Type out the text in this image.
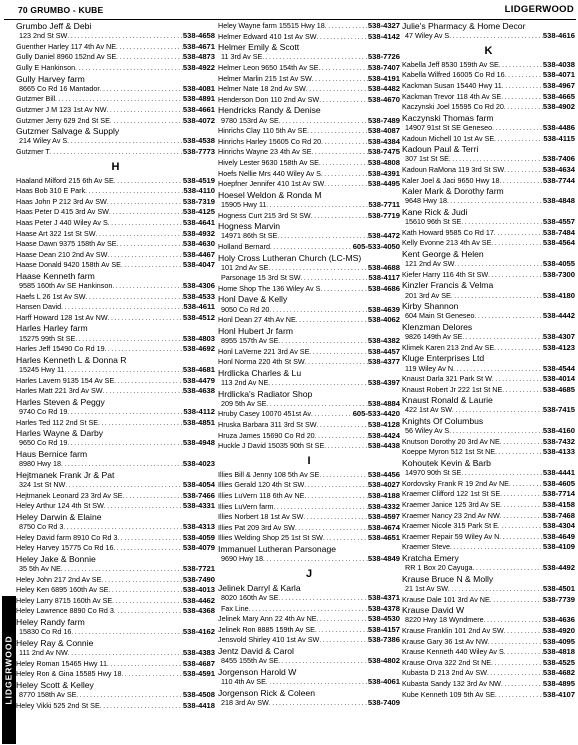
70 GRUMBO - KUBE	LIDGERWOOD
Grumbo Jeff & Debi
123 2nd St SW . . .	538-4658
Guenther Harley 117 4th Av NE . . .	538-4671
Gully Daniel 8960 152nd Av SE . . .	538-4873
Gully E Hankinson . . .	538-4922
Gully Harvey farm
8665 Co Rd 16 Mantador . . .	538-4081
Gutzmer Bill . . .	538-4891
Gutzmer J M 123 1st Av NW . . .	538-4661
Gutzmer Jerry 629 2nd St SE . . .	538-4072
Gutzmer Salvage & Supply
214 Wiley Av S . . .	538-4538
Gutzmer T . . .	538-7773
H
Haaland Milford 215 6th Av SE . . .	538-4519
Haas Bob 310 E Park . . .	538-4110
Haas John P 212 3rd Av SW . . .	538-7319
Haas Peter D 415 3rd Av SW . . .	538-4125
Haas Peter J 440 Wiley Av S . . .	538-4641
Haase Art 322 1st St SW . . .	538-4932
Haase Dawn 9375 158th Av SE . . .	538-4630
Haase Dean 210 2nd Av SW . . .	538-4467
Haase Donald 9420 158th Av SE . . .	538-4047
Haase Kenneth farm
9585 160th Av SE Hankinson . . .	538-4306
Haefs L 26 1st Av SW . . .	538-4533
Hansen David . . .	538-4611
Harff Howard 128 1st Av NW . . .	538-4512
Harles Harley farm
15275 99th St SE . . .	538-4803
Harles Jeff 15490 Co Rd 19 . . .	538-4692
Harles Kenneth L & Donna R
15245 Hwy 11 . . .	538-4681
Harles Lavern 9135 154 Av SE . . .	538-4479
Harles Matt 221 3rd Av SW . . .	538-4638
Harles Steven & Peggy
9740 Co Rd 19 . . .	538-4112
Harles Ted 112 2nd St SE . . .	538-4851
Harles Wayne & Darby
9650 Co Rd 19 . . .	538-4948
Haus Bernice farm
8980 Hwy 18 . . .	538-4023
Hejtmanek Frank Jr & Pat
324 1st St NW . . .	538-4054
Hejtmanek Leonard 23 3rd Av SE . . .	538-7466
Heley Arthur 124 4th St SW . . .	538-4331
Heley Darwin & Elaine
8750 Co Rd 3 . . .	538-4313
Heley David farm 8910 Co Rd 3 . . .	538-4059
Heley Harvey 15775 Co Rd 16 . . .	538-4079
Heley Jake & Bonnie
35 5th Av NE . . .	538-7721
Heley John 217 2nd Av SE . . .	538-7490
Heley Ken 6895 160th Av SE . . .	538-4013
Heley Larry 8715 160th Av SE . . .	538-4462
Heley Lawrence 8890 Co Rd 3 . . .	538-4368
Heley Randy farm
15830 Co Rd 16 . . .	538-4162
Heley Ray & Connie
111 2nd Av NW . . .	538-4383
Heley Roman 15465 Hwy 11 . . .	538-4687
Heley Ron & Gina 15585 Hwy 18 . . .	538-4591
Heley Scott & Kelley
8770 158th Av SE . . .	538-4508
Heley Vikki 525 2nd St SE . . .	538-4418
Heley Wayne farm 15515 Hwy 18 . . .	538-4327
Helmer Edward 410 1st Av SW . . .	538-4142
Helmer Emily & Scott
11 3rd Av SE . . .	538-7726
Helmer Leon 9650 154th Av SE . . .	538-7407
Helmer Marlin 215 1st Av SW . . .	538-4191
Helmer Nate 18 2nd Av SW . . .	538-4482
Henderson Don 110 2nd Av SW . . .	538-4670
Hendricks Randy & Denise
9780 153rd Av SE . . .	538-7489
Hinrichs Clay 110 5th Av SE . . .	538-4087
Hinrichs Harley 15605 Co Rd 20 . . .	538-4384
Hinrichs Wayne 23 4th Av SE . . .	538-7475
Hively Lester 9630 158th Av SE . . .	538-4808
Hoefs Nellie Mrs 440 Wiley Av S . . .	538-4391
Hoepfner Jennifer 410 1st Av SW . . .	538-4495
Hoesel Weldon & Ronda M
15905 Hwy 11 . . .	538-7711
Hogness Curt 215 3rd St SW . . .	538-7719
Hogness Marvin
14971 86th St SE . . .	538-4472
Holland Bernard . . .	605-533-4050
Holy Cross Lutheran Church (LC-MS)
101 2nd Av SE . . .	538-4688
Parsonage 15 3rd St SW . . .	538-4117
Home Shop The 136 Wiley Av S . . .	538-4686
Honl Dave & Kelly
9050 Co Rd 20 . . .	538-4639
Honl Dean 27 4th Av NE . . .	538-4062
Honl Hubert Jr farm
8955 157th Av SE . . .	538-4382
Honl LaVerne 221 3rd Av SE . . .	538-4457
Honl Norma 220 4th St SW . . .	538-4377
Hrdlicka Charles & Lu
113 2nd Av NE . . .	538-4397
Hrdlicka's Radiator Shop
209 5th Av SE . . .	538-4884
Hruby Casey 10070 451st Av . . .	605-533-4420
Hruska Barbara 311 3rd St SW . . .	538-4128
Hruza James 15690 Co Rd 20 . . .	538-4424
Huckle J David 15035 90th St SE . . .	538-4438
I
Illies Bill & Jenny 108 5th Av SE . . .	538-4456
Illies Gerald 120 4th St SW . . .	538-4027
Illies LuVern 118 6th Av NE . . .	538-4188
Illies LuVern farm . . .	538-4332
Illies Norbert 18 1st Av SW . . .	538-4597
Illies Pat 209 3rd Av SW . . .	538-4674
Illies Welding Shop 25 1st St SW . . .	538-4651
Immanuel Lutheran Parsonage
9690 Hwy 18 . . .	538-4849
J
Jelinek Darryl & Karla
8020 160th Av SE . . .	538-4371
Fax Line . . .	538-4378
Jelinek Mary Ann 22 4th Av NE . . .	538-4530
Jelinek Ron 8885 159th Av SE . . .	538-4157
Jensvold Shirley 410 1st Av SW . . .	538-7386
Jentz David & Carol
8455 155th Av SE . . .	538-4802
Jorgenson Harold W
110 4th Av SE . . .	538-4061
Jorgenson Rick & Coleen
218 3rd Av SW . . .	538-7409
Julie's Pharmacy & Home Decor
47 Wiley Av S . . .	538-4616
K
Kabella Jeff 8530 159th Av SE . . .	538-4038
Kabella Wilfred 16005 Co Rd 16 . . .	538-4071
Kackman Susan 15440 Hwy 11 . . .	538-4967
Kackman Trevor 118 4th Av SE . . .	538-4665
Kaczynski Joel 15595 Co Rd 20 . . .	538-4902
Kaczynski Thomas farm
14907 91st St SE Geneseo . . .	538-4486
Kadoun Michell 10 1st Av SE . . .	538-4115
Kadoun Paul & Terri
307 1st St SE . . .	538-7406
Kadoun RaMona 119 3rd St SW . . .	538-4634
Kaler Joel & Jaci 9650 Hwy 18 . . .	538-7744
Kaler Mark & Dorothy farm
9648 Hwy 18 . . .	538-4848
Kane Rick & Judi
15610 96th St SE . . .	538-4557
Kath Howard 9585 Co Rd 17 . . .	538-7484
Kelly Evonne 213 4th Av SE . . .	538-4564
Kent George & Helen
121 2nd Av SW . . .	538-4055
Kiefer Harry 116 4th St SW . . .	538-7300
Kinzler Francis & Velma
201 3rd Av SE . . .	538-4180
Kirby Shannon
604 Main St Geneseo . . .	538-4442
Klenzman Delores
9826 149th Av SE . . .	538-4307
Klimek Karen 213 2nd Av SE . . .	538-4123
Kluge Enterprises Ltd
119 Wiley Av N . . .	538-4544
Knaust Darla 321 Park St W . . .	538-4014
Knaust Robert Jr 222 1st St NE . . .	538-4685
Knaust Ronald & Laurie
422 1st Av SW . . .	538-7415
Knights Of Columbus
56 Wiley Av S . . .	538-4160
Knutson Dorothy 20 3rd Av NE . . .	538-7432
Koeppe Myron 512 1st St NE . . .	538-4133
Kohoutek Kevin & Barb
14970 90th St SE . . .	538-4441
Kordovsky Frank R 19 2nd Av NE . . .	538-4605
Kraemer Clifford 122 1st St SE . . .	538-7714
Kraemer Janice 125 3rd Av SE . . .	538-4158
Kraemer Nancy 23 2nd Av NW . . .	538-7468
Kraemer Nicole 315 Park St E . . .	538-4304
Kraemer Repair 59 Wiley Av N . . .	538-4649
Kraemer Steve . . .	538-4109
Kratcha Emery
RR 1 Box 20 Cayuga . . .	538-4492
Krause Bruce N & Molly
21 1st Av SW . . .	538-4501
Krause Dale 101 3rd Av NE . . .	538-7739
Krause David W
8220 Hwy 18 Wyndmere . . .	538-4636
Krause Franklin 101 2nd Av SW . . .	538-4920
Krause Gary 36 1st Av NW . . .	538-4095
Krause Kenneth 440 Wiley Av S . . .	538-4818
Krause Orva 322 2nd St NE . . .	538-4525
Kubasta D 213 2nd Av SW . . .	538-4682
Kubasta Sandy 132 3rd Av NW . . .	538-4895
Kube Kenneth 109 5th Av SE . . .	538-4107
LIDGERWOOD
